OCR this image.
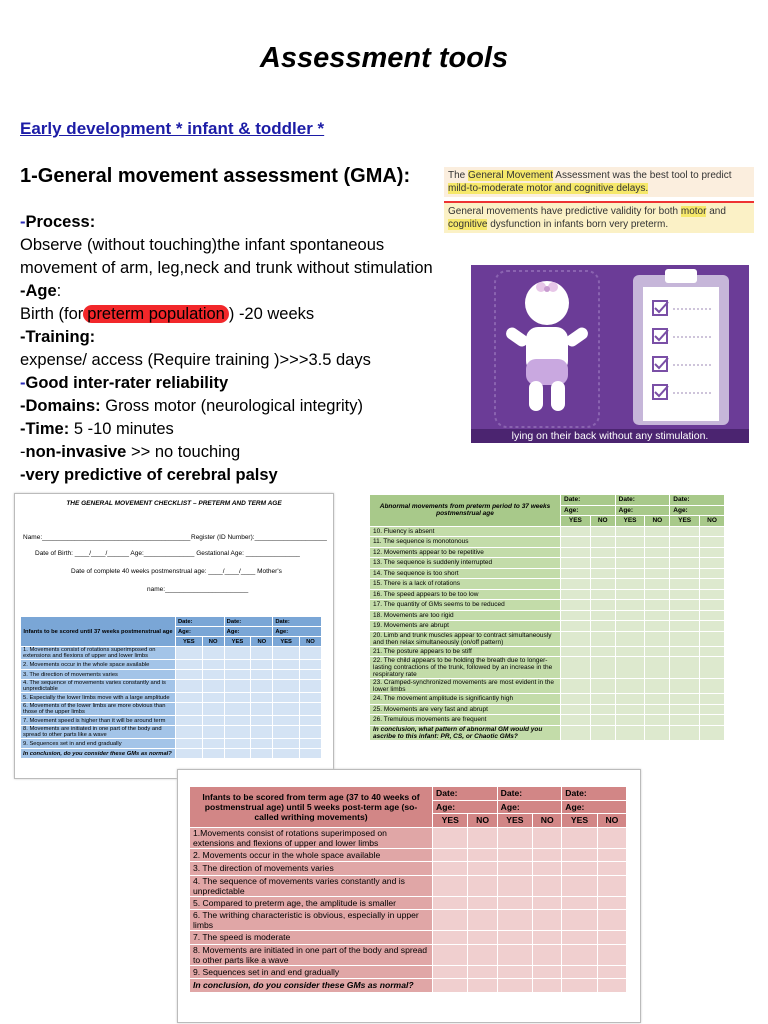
Assessment tools
Early development * infant & toddler *
1-General movement assessment (GMA):
-Process:
Observe (without touching)the infant spontaneous movement of arm, leg,neck and trunk without stimulation
-Age:
Birth (for preterm population ) -20 weeks
-Training:
expense/ access (Require training )>>>3.5 days
-Good inter-rater reliability
-Domains: Gross motor (neurological integrity)
-Time: 5 -10 minutes
-non-invasive >> no touching
-very predictive of cerebral palsy
The General Movement Assessment was the best tool to predict mild-to-moderate motor and cognitive delays.
General movements have predictive validity for both motor and cognitive dysfunction in infants born very preterm.
lying on their back without any stimulation.
THE GENERAL MOVEMENT CHECKLIST – PRETERM AND TERM AGE
Name:_________________________________________ Register (ID Number):____________________
Date of Birth: ____/____/______ Age:______________ Gestational Age: _______________
Date of complete 40 weeks postmenstrual age: ____/____/____ Mother's
name:_______________________
Infants to be scored until 37 weeks postmenstrual age	Date:		Date:		Date:	
	Age:		Age:		Age:	
	YES	NO	YES	NO	YES	NO
1. Movements consist of rotations superimposed on extensions and flexions of upper and lower limbs						
2. Movements occur in the whole space available						
3. The direction of movements varies						
4. The sequence of movements varies constantly and is unpredictable						
5. Especially the lower limbs move with a large amplitude						
6. Movements of the lower limbs are more obvious than those of the upper limbs						
7. Movement speed is higher than it will be around term						
8. Movements are initiated in one part of the body and spread to other parts like a wave						
9. Sequences set in and end gradually						
In conclusion, do you consider these GMs as normal?						
Abnormal movements from preterm period to 37 weeks postmenstrual age	Date:		Date:		Date:	
	Age:		Age:		Age:	
	YES	NO	YES	NO	YES	NO
10. Fluency is absent						
11. The sequence is monotonous						
12. Movements appear to be repetitive						
13. The sequence is suddenly interrupted						
14. The sequence is too short						
15. There is a lack of rotations						
16. The speed appears to be too low						
17. The quantity of GMs seems to be reduced						
18. Movements are too rigid						
19. Movements are abrupt						
20. Limb and trunk muscles appear to contract simultaneously and then relax simultaneously (on/off pattern)						
21. The posture appears to be stiff						
22. The child appears to be holding the breath due to longer-lasting contractions of the trunk, followed by an increase in the respiratory rate						
23. Cramped-synchronized movements are most evident in the lower limbs						
24. The movement amplitude is significantly high						
25. Movements are very fast and abrupt						
26. Tremulous movements are frequent						
In conclusion, what pattern of abnormal GM would you ascribe to this infant: PR, CS, or Chaotic GMs?						
Infants to be scored from term age (37 to 40 weeks of postmenstrual age) until 5 weeks post-term age (so-called writhing movements)	Date:		Date:		Date:	
	Age:		Age:		Age:	
	YES	NO	YES	NO	YES	NO
1.Movements consist of rotations superimposed on extensions and flexions of upper and lower limbs						
2. Movements occur in the whole space available						
3. The direction of movements varies						
4. The sequence of movements varies constantly and is unpredictable						
5. Compared to preterm age, the amplitude is smaller						
6. The writhing characteristic is obvious, especially in upper limbs						
7. The speed is moderate						
8. Movements are initiated in one part of the body and spread to other parts like a wave						
9. Sequences set in and end gradually						
In conclusion, do you consider these GMs as normal?						
